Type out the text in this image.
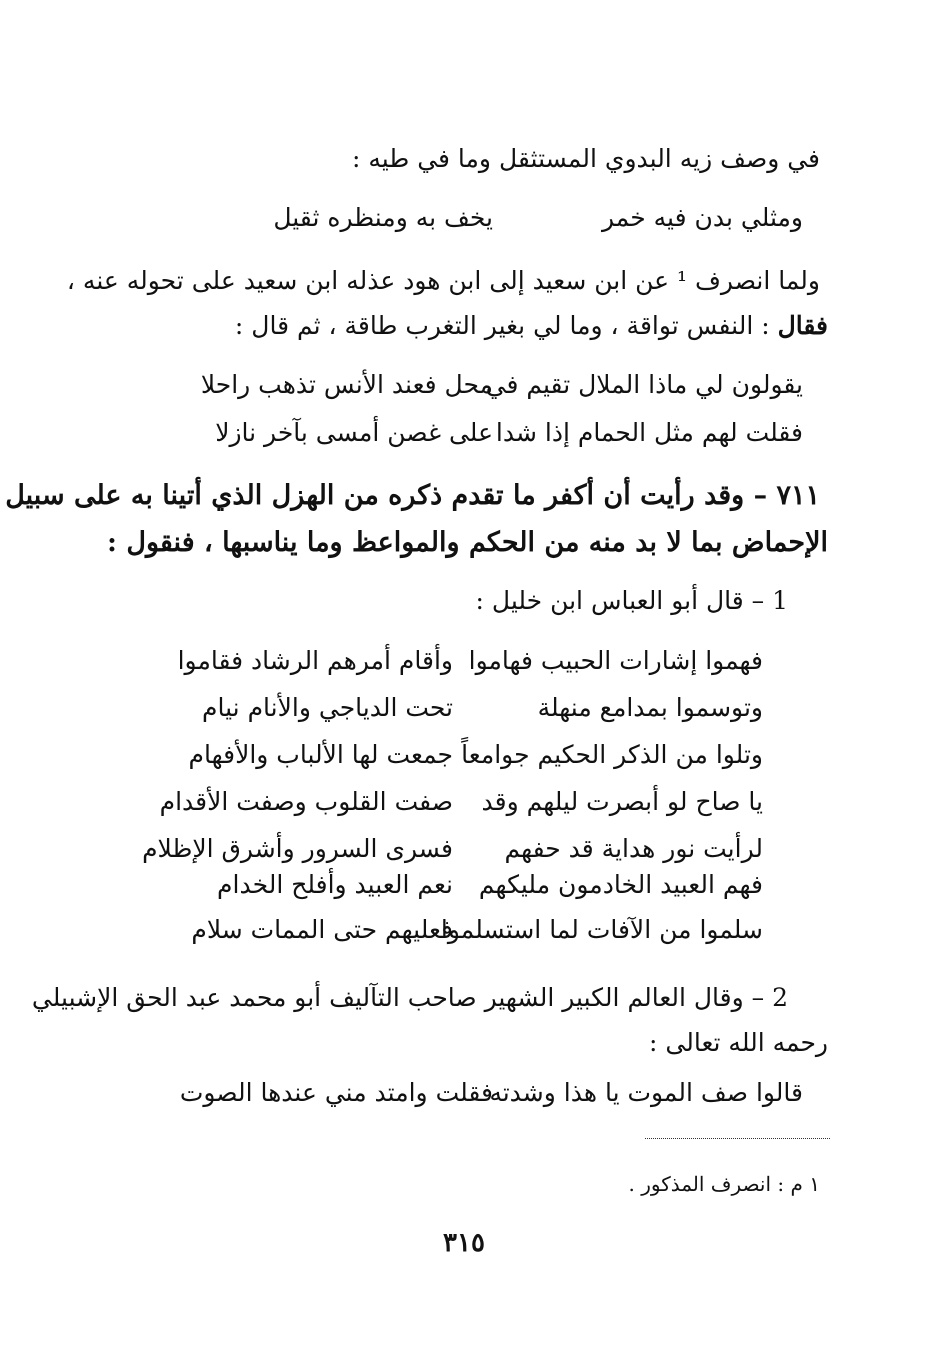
في وصف زيه البدوي المستثقل وما في طيه :
ومثلي بدن فيه خمر
يخف به ومنظره ثقيل
ولما انصرف ¹ عن ابن سعيد إلى ابن هود عذله ابن سعيد على تحوله عنه ،
فقال : النفس تواقة ، وما لي بغير التغرب طاقة ، ثم قال :
يقولون لي ماذا الملال تقيم في
محل فعند الأنس تذهب راحلا
فقلت لهم مثل الحمام إذا شدا
على غصن أمسى بآخر نازلا
٧١١ – وقد رأيت أن أكفر ما تقدم ذكره من الهزل الذي أتينا به على سبيل
الإحماض بما لا بد منه من الحكم والمواعظ وما يناسبها ، فنقول :
1 – قال أبو العباس ابن خليل :
فهموا إشارات الحبيب فهاموا
وأقام أمرهم الرشاد فقاموا
وتوسموا بمدامع منهلة
تحت الدياجي والأنام نيام
وتلوا من الذكر الحكيم جوامعاً
جمعت لها الألباب والأفهام
يا صاح لو أبصرت ليلهم وقد
صفت القلوب وصفت الأقدام
لرأيت نور هداية قد حفهم
فسرى السرور وأشرق الإظلام
فهم العبيد الخادمون مليكهم
نعم العبيد وأفلح الخدام
سلموا من الآفات لما استسلموا
فعليهم حتى الممات سلام
2 – وقال العالم الكبير الشهير صاحب التآليف أبو محمد عبد الحق الإشبيلي
رحمه الله تعالى :
قالوا صف الموت يا هذا وشدته
فقلت وامتد مني عندها الصوت
١ م : انصرف المذكور .
٣١٥
